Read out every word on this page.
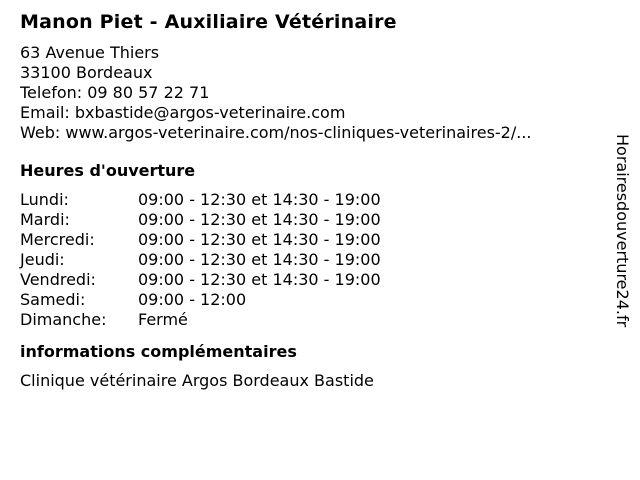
Manon Piet - Auxiliaire Vétérinaire
63 Avenue Thiers
33100 Bordeaux
Telefon: 09 80 57 22 71
Email: bxbastide@argos-veterinaire.com
Web: www.argos-veterinaire.com/nos-cliniques-veterinaires-2/...
Heures d'ouverture
Lundi:	09:00 - 12:30 et 14:30 - 19:00
Mardi:	09:00 - 12:30 et 14:30 - 19:00
Mercredi:	09:00 - 12:30 et 14:30 - 19:00
Jeudi:	09:00 - 12:30 et 14:30 - 19:00
Vendredi:	09:00 - 12:30 et 14:30 - 19:00
Samedi:	09:00 - 12:00
Dimanche:	Fermé
informations complémentaires
Clinique vétérinaire Argos Bordeaux Bastide
Horairesdouverture24.fr
